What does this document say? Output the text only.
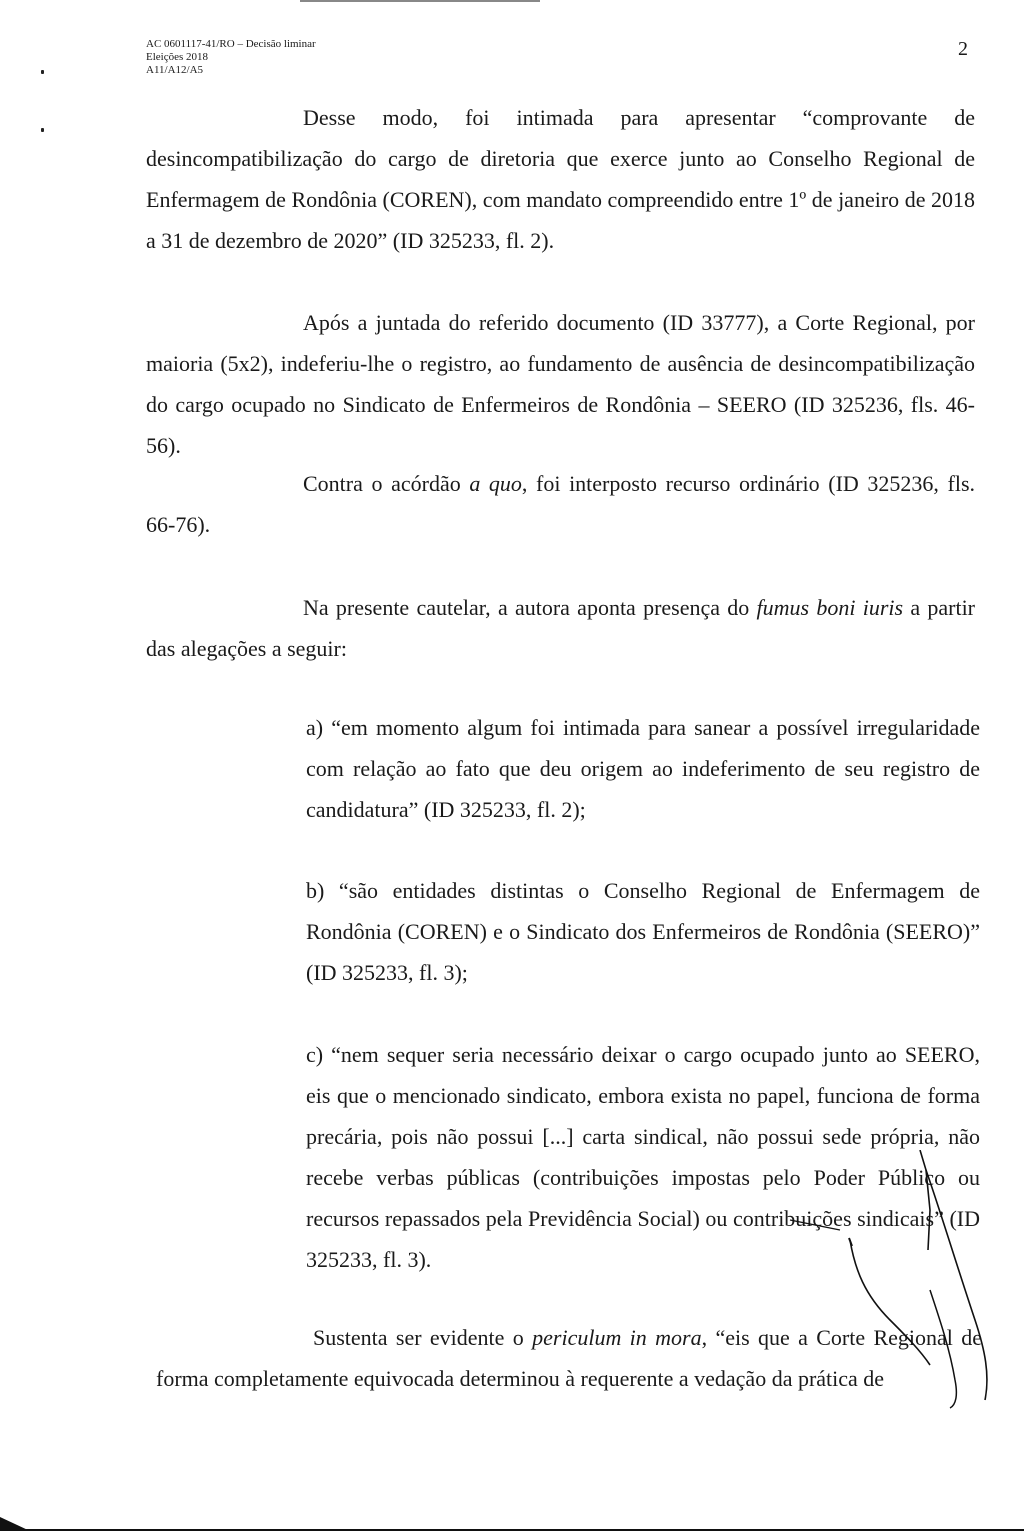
AC 0601117-41/RO – Decisão liminar
Eleições 2018
A11/A12/A5
2

Desse modo, foi intimada para apresentar “comprovante de desincompatibilização do cargo de diretoria que exerce junto ao Conselho Regional de Enfermagem de Rondônia (COREN), com mandato compreendido entre 1º de janeiro de 2018 a 31 de dezembro de 2020” (ID 325233, fl. 2).

Após a juntada do referido documento (ID 33777), a Corte Regional, por maioria (5x2), indeferiu-lhe o registro, ao fundamento de ausência de desincompatibilização do cargo ocupado no Sindicato de Enfermeiros de Rondônia – SEERO (ID 325236, fls. 46-56).

Contra o acórdão a quo, foi interposto recurso ordinário (ID 325236, fls. 66-76).

Na presente cautelar, a autora aponta presença do fumus boni iuris a partir das alegações a seguir:

a) “em momento algum foi intimada para sanear a possível irregularidade com relação ao fato que deu origem ao indeferimento de seu registro de candidatura” (ID 325233, fl. 2);

b) “são entidades distintas o Conselho Regional de Enfermagem de Rondônia (COREN) e o Sindicato dos Enfermeiros de Rondônia (SEERO)” (ID 325233, fl. 3);

c) “nem sequer seria necessário deixar o cargo ocupado junto ao SEERO, eis que o mencionado sindicato, embora exista no papel, funciona de forma precária, pois não possui [...] carta sindical, não possui sede própria, não recebe verbas públicas (contribuições impostas pelo Poder Público ou recursos repassados pela Previdência Social) ou contribuições sindicais” (ID 325233, fl. 3).

Sustenta ser evidente o periculum in mora, “eis que a Corte Regional de forma completamente equivocada determinou à requerente a vedação da prática de
